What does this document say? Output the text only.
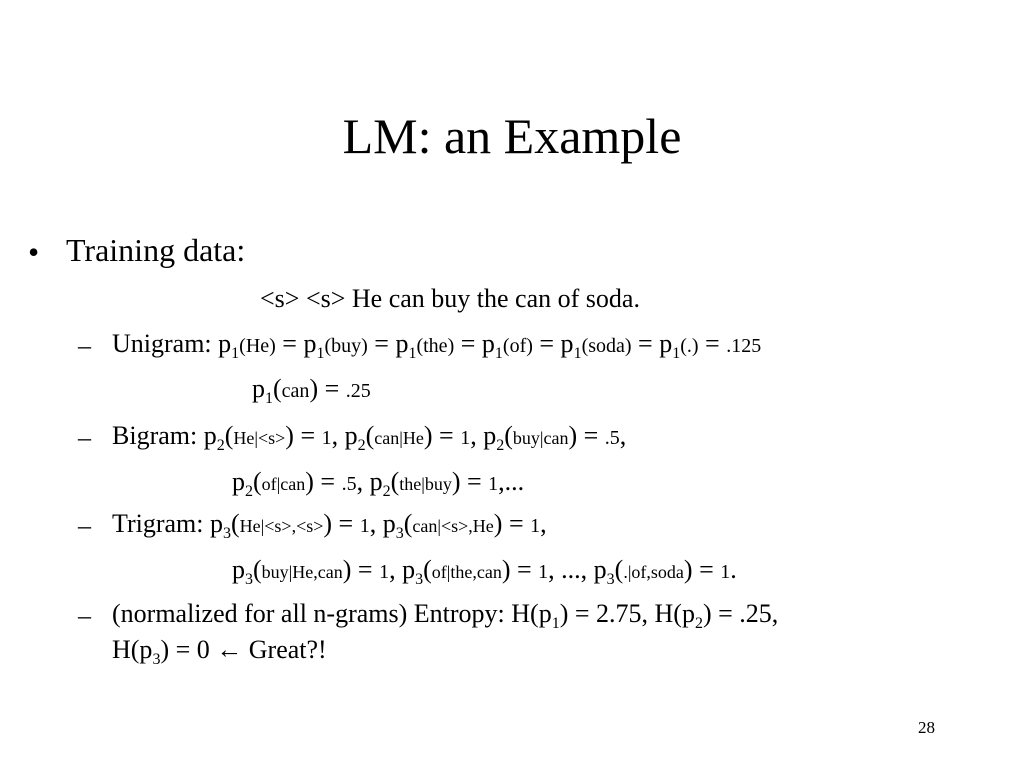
LM: an Example
• Training data:
<s> <s> He can buy the can of soda.
– Unigram: $p_1(He) = p_1(buy) = p_1(the) = p_1(of)$ = $p_1(soda) = p_1(.) = .125$
$p_1(can) = .25$
– Bigram: $p_2(He|<s>) = 1$, $p_2(can|He) = 1$, $p_2(buy|can) = .5$,
$p_2(of|can) = .5$, $p_2(the|buy) = 1$,...
– Trigram: $p_3(He|<s>,<s>) = 1$, $p_3(can|<s>,He) = 1$,
$p_3(buy|He,can) = 1$, $p_3(of|the,can) = 1$, ..., $p_3(.|of,soda) = 1$.
– (normalized for all n-grams) Entropy: $H(p_1) = 2.75$, $H(p_2) = .25$,
$H(p_3) = 0$ ← Great?!
28
